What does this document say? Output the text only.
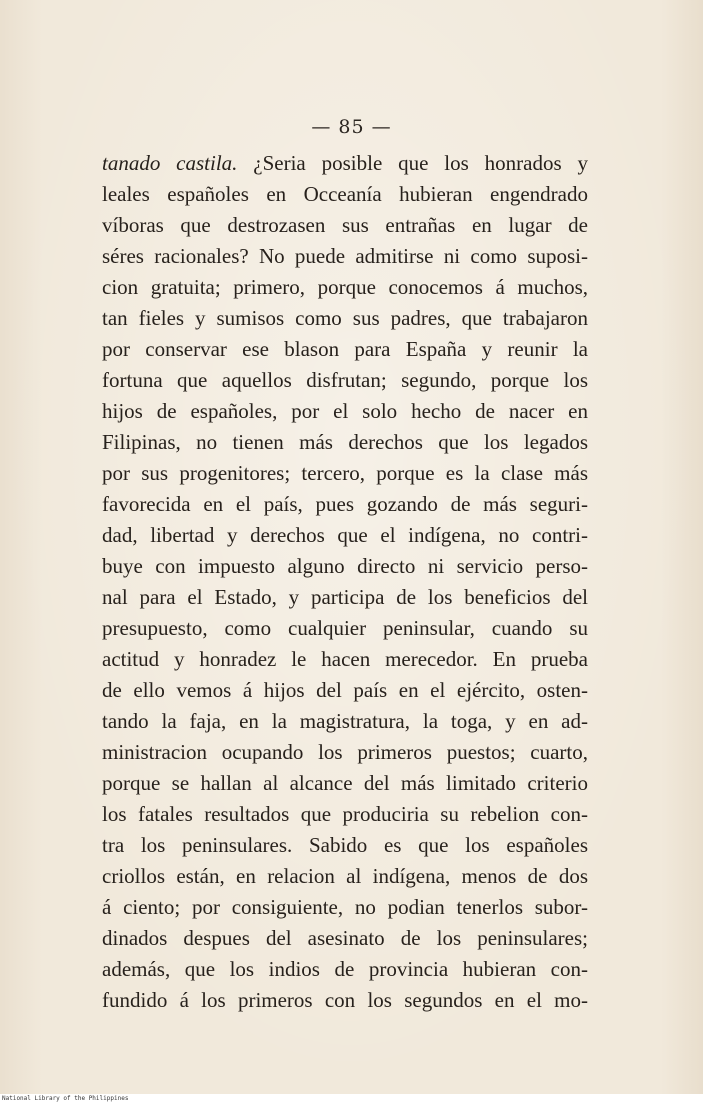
— 85 —
tanado castila. ¿Seria posible que los honrados y
leales españoles en Occeanía hubieran engendrado
víboras que destrozasen sus entrañas en lugar de
séres racionales? No puede admitirse ni como suposi-
cion gratuita; primero, porque conocemos á muchos,
tan fieles y sumisos como sus padres, que trabajaron
por conservar ese blason para España y reunir la
fortuna que aquellos disfrutan; segundo, porque los
hijos de españoles, por el solo hecho de nacer en
Filipinas, no tienen más derechos que los legados
por sus progenitores; tercero, porque es la clase más
favorecida en el país, pues gozando de más seguri-
dad, libertad y derechos que el indígena, no contri-
buye con impuesto alguno directo ni servicio perso-
nal para el Estado, y participa de los beneficios del
presupuesto, como cualquier peninsular, cuando su
actitud y honradez le hacen merecedor. En prueba
de ello vemos á hijos del país en el ejército, osten-
tando la faja, en la magistratura, la toga, y en ad-
ministracion ocupando los primeros puestos; cuarto,
porque se hallan al alcance del más limitado criterio
los fatales resultados que produciria su rebelion con-
tra los peninsulares. Sabido es que los españoles
criollos están, en relacion al indígena, menos de dos
á ciento; por consiguiente, no podian tenerlos subor-
dinados despues del asesinato de los peninsulares;
además, que los indios de provincia hubieran con-
fundido á los primeros con los segundos en el mo-
National Library of the Philippines
